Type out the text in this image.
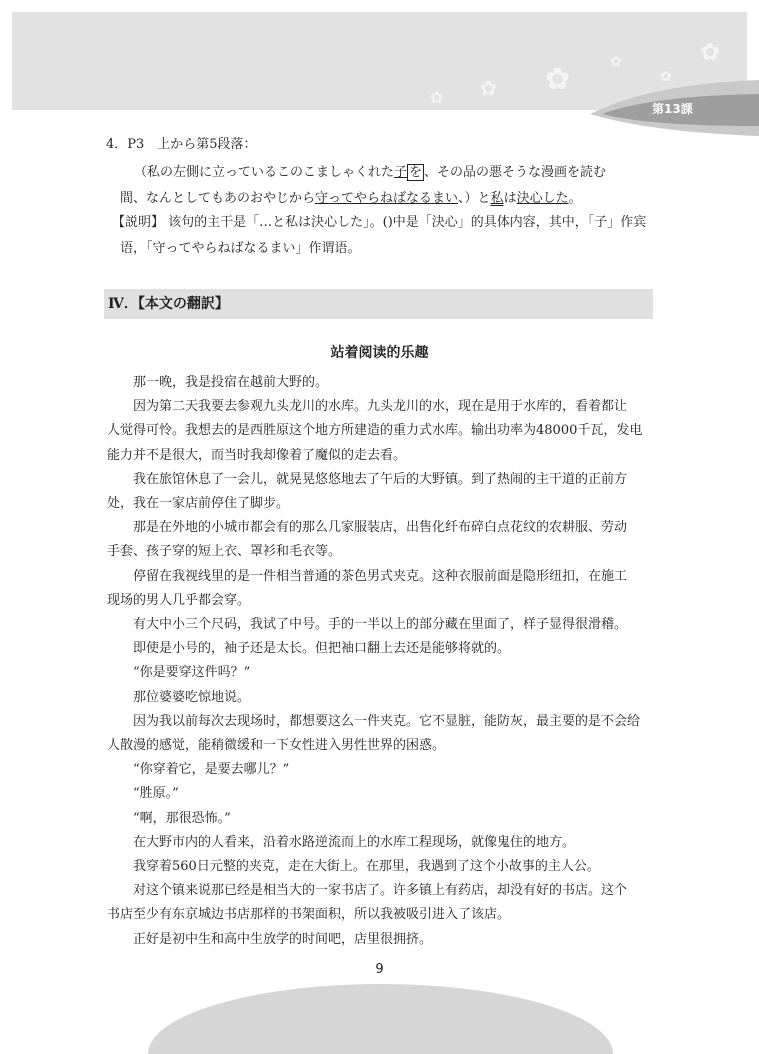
✿
✿
✿
✿
✿
✿
第13課
4．P3　上から第5段落：
（私の左側に立っているこのこましゃくれた子 を 、その品の悪そうな漫画を読む
間、なんとしてもあのおやじから守ってやらねばなるまい、）と私は決心した。
【説明】 该句的主干是「…と私は決心した」。()中是「決心」的具体内容，其中，「子」作宾
语，「守ってやらねばなるまい」作谓语。
Ⅳ．【本文の翻訳】
站着阅读的乐趣
那一晚，我是投宿在越前大野的。
因为第二天我要去参观九头龙川的水库。九头龙川的水，现在是用于水库的，看着都让
人觉得可怜。我想去的是西胜原这个地方所建造的重力式水库。输出功率为48000千瓦，发电
能力并不是很大，而当时我却像着了魔似的走去看。
我在旅馆休息了一会儿，就晃晃悠悠地去了午后的大野镇。到了热闹的主干道的正前方
处，我在一家店前停住了脚步。
那是在外地的小城市都会有的那么几家服装店，出售化纤布碎白点花纹的农耕服、劳动
手套、孩子穿的短上衣、罩衫和毛衣等。
停留在我视线里的是一件相当普通的茶色男式夹克。这种衣服前面是隐形纽扣，在施工
现场的男人几乎都会穿。
有大中小三个尺码，我试了中号。手的一半以上的部分藏在里面了，样子显得很滑稽。
即使是小号的，袖子还是太长。但把袖口翻上去还是能够将就的。
“你是要穿这件吗？”
那位婆婆吃惊地说。
因为我以前每次去现场时，都想要这么一件夹克。它不显脏，能防灰，最主要的是不会给
人散漫的感觉，能稍微缓和一下女性进入男性世界的困惑。
“你穿着它，是要去哪儿？”
“胜原。”
“啊，那很恐怖。”
在大野市内的人看来，沿着水路逆流而上的水库工程现场，就像鬼住的地方。
我穿着560日元整的夹克，走在大街上。在那里，我遇到了这个小故事的主人公。
对这个镇来说那已经是相当大的一家书店了。许多镇上有药店，却没有好的书店。这个
书店至少有东京城边书店那样的书架面积，所以我被吸引进入了该店。
正好是初中生和高中生放学的时间吧，店里很拥挤。
9
